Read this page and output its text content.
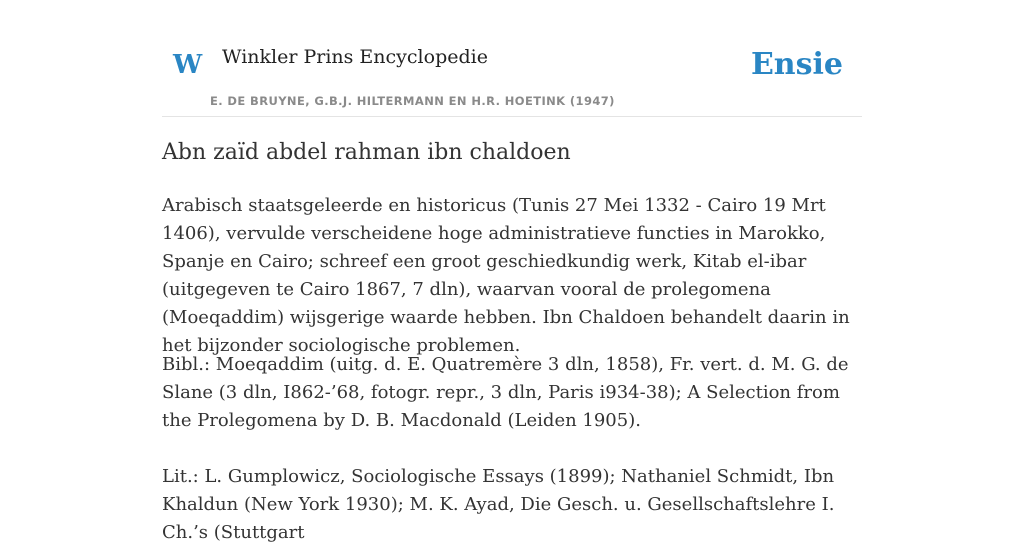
W Winkler Prins Encyclopedie
E. DE BRUYNE, G.B.J. HILTERMANN EN H.R. HOETINK (1947)
Ensie
Abn zaïd abdel rahman ibn chaldoen

Arabisch staatsgeleerde en historicus (Tunis 27 Mei 1332 - Cairo 19 Mrt 1406), vervulde verscheidene hoge administratieve functies in Marokko, Spanje en Cairo; schreef een groot geschiedkundig werk, Kitab el-ibar (uitgegeven te Cairo 1867, 7 dln), waarvan vooral de prolegomena (Moeqaddim) wijsgerige waarde hebben. Ibn Chaldoen behandelt daarin in het bijzonder sociologische problemen.

Bibl.: Moeqaddim (uitg. d. E. Quatremère 3 dln, 1858), Fr. vert. d. M. G. de Slane (3 dln, I862-’68, fotogr. repr., 3 dln, Paris i934-38); A Selection from the Prolegomena by D. B. Macdonald (Leiden 1905).

Lit.: L. Gumplowicz, Sociologische Essays (1899); Nathaniel Schmidt, Ibn Khaldun (New York 1930); M. K. Ayad, Die Gesch. u. Gesellschaftslehre I. Ch.’s (Stuttgart
